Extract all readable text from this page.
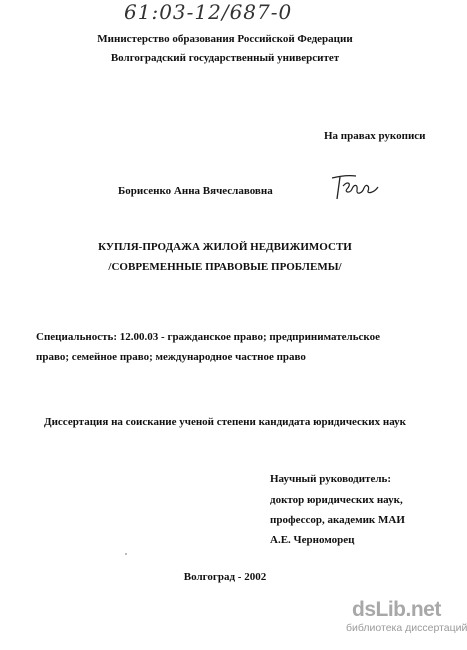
61:03-12/687-0
Министерство образования Российской Федерации
Волгоградский государственный университет
На правах рукописи
Борисенко Анна Вячеславовна
КУПЛЯ-ПРОДАЖА ЖИЛОЙ НЕДВИЖИМОСТИ
/СОВРЕМЕННЫЕ ПРАВОВЫЕ ПРОБЛЕМЫ/
Специальность: 12.00.03 - гражданское право; предпринимательское
право; семейное право; международное частное право
Диссертация на соискание ученой степени кандидата юридических наук
Научный руководитель:
доктор юридических наук,
профессор, академик МАИ
А.Е. Черноморец
Волгоград - 2002
dsLib.net
библиотека диссертаций
